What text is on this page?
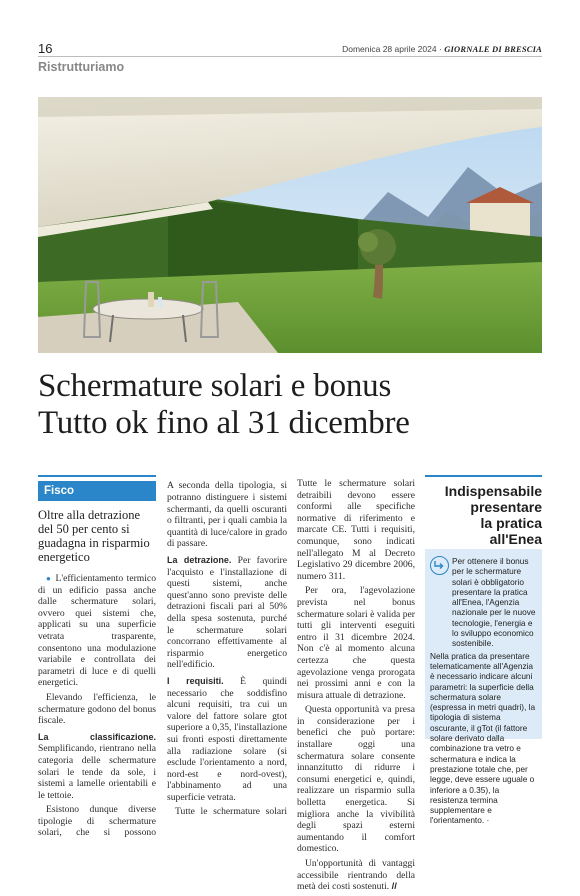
16	Domenica 28 aprile 2024 · GIORNALE DI BRESCIA
Ristrutturiamo
Schermature solari e bonus
Tutto ok fino al 31 dicembre
Fisco
Oltre alla detrazione del 50 per cento si guadagna in risparmio energetico

● L'efficientamento termico di un edificio passa anche dalle schermature solari, ovvero quei sistemi che, applicati su una superficie vetrata trasparente, consentono una modulazione variabile e controllata dei parametri di luce e di quelli energetici.

Elevando l'efficienza, le schermature godono del bonus fiscale.

La classificazione. Semplificando, rientrano nella categoria delle schermature solari le tende da sole, i sistemi a lamelle orientabili e le tettoie.

Esistono dunque diverse tipologie di schermature solari, che si possono

A seconda della tipologia, si potranno distinguere i sistemi schermanti, da quelli oscuranti o filtranti, per i quali cambia la quantità di luce/calore in grado di passare.

La detrazione. Per favorire l'acquisto e l'installazione di questi sistemi, anche quest'anno sono previste delle detrazioni fiscali pari al 50% della spesa sostenuta, purché le schermature solari concorrano effettivamente al risparmio energetico nell'edificio.

I requisiti. È quindi necessario che soddisfino alcuni requisiti, tra cui un valore del fattore solare gtot superiore a 0,35, l'installazione sui fronti esposti direttamente alla radiazione solare (si esclude l'orientamento a nord, nord-est e nord-ovest), l'abbinamento ad una superficie vetrata.

Tutte le schermature solari

Tutte le schermature solari detraibili devono essere conformi alle specifiche normative di riferimento e marcate CE. Tutti i requisiti, comunque, sono indicati nell'allegato M al Decreto Legislativo 29 dicembre 2006, numero 311.

Per ora, l'agevolazione prevista nel bonus schermature solari è valida per tutti gli interventi eseguiti entro il 31 dicembre 2024. Non c'è al momento alcuna certezza che questa agevolazione venga prorogata nei prossimi anni e con la misura attuale di detrazione.

Questa opportunità va presa in considerazione per i benefici che può portare: installare oggi una schermatura solare consente innanzitutto di ridurre i consumi energetici e, quindi, realizzare un risparmio sulla bolletta energetica. Si migliora anche la vivibilità degli spazi esterni aumentando il comfort domestico.

Un'opportunità di vantaggi accessibile rientrando della metà dei costi sostenuti. //

Indispensabile
presentare
la pratica
all'Enea

Per ottenere il bonus per le schermature solari è obbligatorio presentare la pratica all'Enea, l'Agenzia nazionale per le nuove tecnologie, l'energia e lo sviluppo economico sostenibile.

Nella pratica da presentare telematicamente all'Agenzia è necessario indicare alcuni parametri: la superficie della schermatura solare (espressa in metri quadri), la tipologia di sistema oscurante, il gTot (il fattore solare derivato dalla combinazione tra vetro e schermatura e indica la prestazione totale che, per legge, deve essere uguale o inferiore a 0.35), la resistenza termina supplementare e l'orientamento. ·
